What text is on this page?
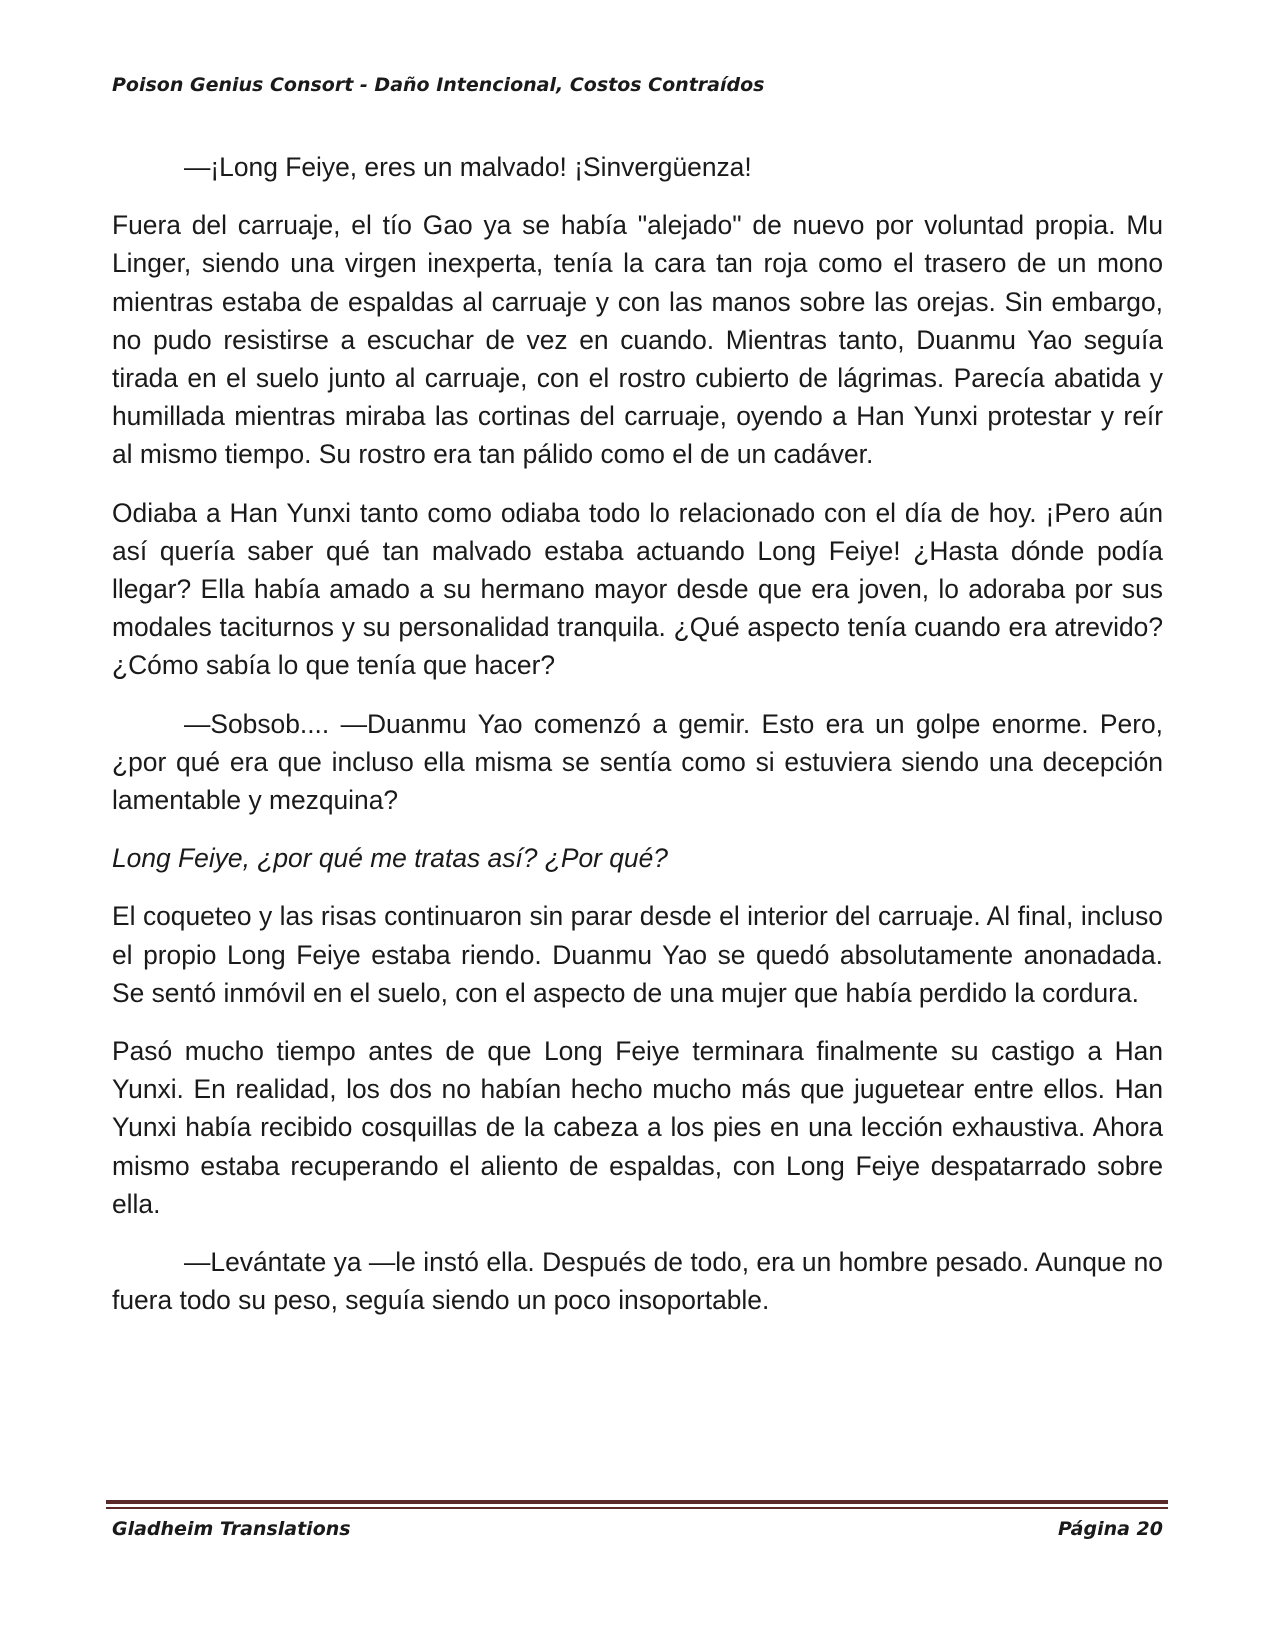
Poison Genius Consort - Daño Intencional, Costos Contraídos

—¡Long Feiye, eres un malvado! ¡Sinvergüenza!

Fuera del carruaje, el tío Gao ya se había "alejado" de nuevo por voluntad propia. Mu Linger, siendo una virgen inexperta, tenía la cara tan roja como el trasero de un mono mientras estaba de espaldas al carruaje y con las manos sobre las orejas. Sin embargo, no pudo resistirse a escuchar de vez en cuando. Mientras tanto, Duanmu Yao seguía tirada en el suelo junto al carruaje, con el rostro cubierto de lágrimas. Parecía abatida y humillada mientras miraba las cortinas del carruaje, oyendo a Han Yunxi protestar y reír al mismo tiempo. Su rostro era tan pálido como el de un cadáver.

Odiaba a Han Yunxi tanto como odiaba todo lo relacionado con el día de hoy. ¡Pero aún así quería saber qué tan malvado estaba actuando Long Feiye! ¿Hasta dónde podía llegar? Ella había amado a su hermano mayor desde que era joven, lo adoraba por sus modales taciturnos y su personalidad tranquila. ¿Qué aspecto tenía cuando era atrevido? ¿Cómo sabía lo que tenía que hacer?

—Sobsob.... —Duanmu Yao comenzó a gemir. Esto era un golpe enorme. Pero, ¿por qué era que incluso ella misma se sentía como si estuviera siendo una decepción lamentable y mezquina?

Long Feiye, ¿por qué me tratas así? ¿Por qué?

El coqueteo y las risas continuaron sin parar desde el interior del carruaje. Al final, incluso el propio Long Feiye estaba riendo. Duanmu Yao se quedó absolutamente anonadada. Se sentó inmóvil en el suelo, con el aspecto de una mujer que había perdido la cordura.

Pasó mucho tiempo antes de que Long Feiye terminara finalmente su castigo a Han Yunxi. En realidad, los dos no habían hecho mucho más que juguetear entre ellos. Han Yunxi había recibido cosquillas de la cabeza a los pies en una lección exhaustiva. Ahora mismo estaba recuperando el aliento de espaldas, con Long Feiye despatarrado sobre ella.

—Levántate ya —le instó ella. Después de todo, era un hombre pesado. Aunque no fuera todo su peso, seguía siendo un poco insoportable.

Gladheim Translations	Página 20
